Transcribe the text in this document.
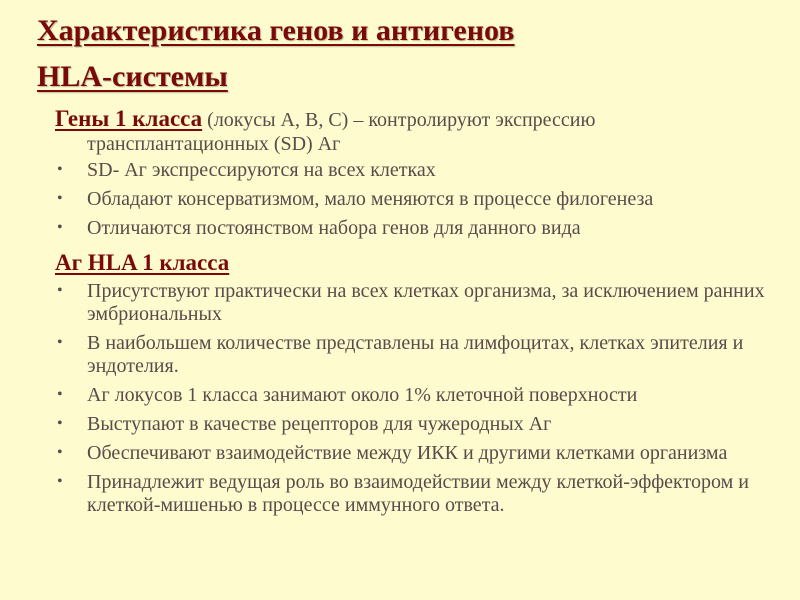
Характеристика генов и антигенов
HLA-системы
Гены 1 класса (локусы А, В, С) – контролируют экспрессию
трансплантационных (SD) Аг
• SD- Аг экспрессируются на всех клетках
• Обладают консерватизмом, мало меняются в процессе филогенеза
• Отличаются постоянством набора генов для данного вида
Аг HLA 1 класса
• Присутствуют практически на всех клетках организма, за исключением ранних эмбриональных
• В наибольшем количестве представлены на лимфоцитах, клетках эпителия и эндотелия.
• Аг локусов 1 класса занимают около 1% клеточной поверхности
• Выступают в качестве рецепторов для чужеродных Аг
• Обеспечивают взаимодействие между ИКК и другими клетками организма
• Принадлежит ведущая роль во взаимодействии между клеткой-эффектором и клеткой-мишенью в процессе иммунного ответа.
